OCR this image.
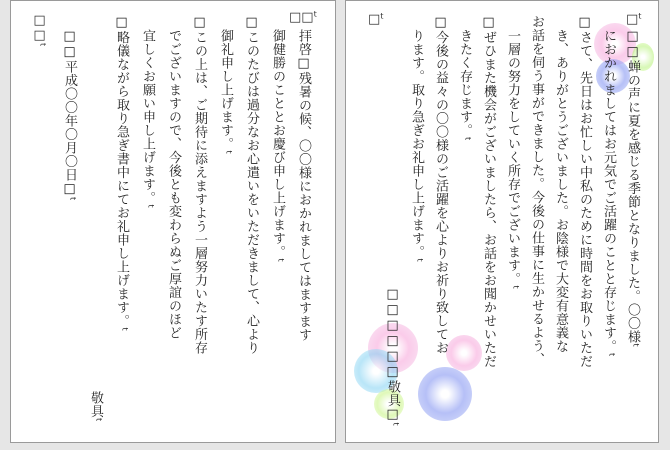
□□ᵗ
拝啓□残暑の候、〇〇様におかれましてはますます
御健勝のこととお慶び申し上げます。ᵗ
□このたびは過分なお心遣いをいただきまして、心より
御礼申し上げます。ᵗ
□この上は、ご期待に添えますよう一層努力いたす所存
でございますので、今後とも変わらぬご厚誼のほど
宜しくお願い申し上げます。ᵗ
□略儀ながら取り急ぎ書中にてお礼申し上げます。ᵗ
□□平成〇〇年〇月〇日□ᵗ
□□ᵗ
敬具ᵗ
□ᵗ
□ᵗ
□□蝉の声に夏を感じる季節となりました。〇〇様ᵗ
におかれましてはお元気でご活躍のことと存じます。ᵗ
□さて、先日はお忙しい中私のために時間をお取りいただ
き、ありがとうございました。お陰様で大変有意義な
お話を伺う事ができました。今後の仕事に生かせるよう、
一層の努力をしていく所存でございます。ᵗ
□ぜひまた機会がございましたら、お話をお聞かせいただ
きたく存じます。ᵗ
□今後の益々の〇〇様のご活躍を心よりお祈り致してお
ります。取り急ぎお礼申し上げます。ᵗ
□□□□□□敬具□ᵗ
